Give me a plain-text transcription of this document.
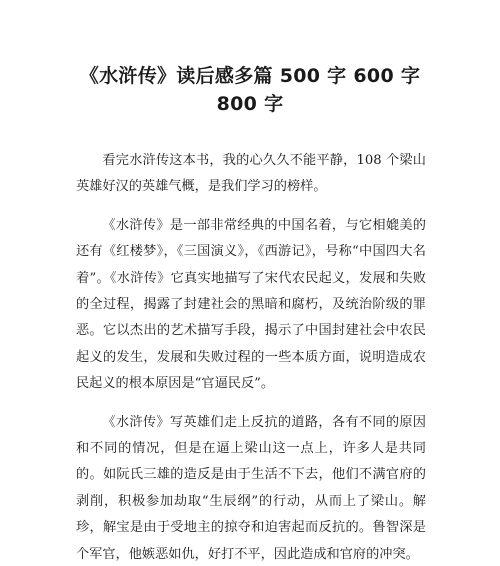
《水浒传》读后感多篇 500 字 600 字 800 字

看完水浒传这本书，我的心久久不能平静，108 个梁山英雄好汉的英雄气概，是我们学习的榜样。

《水浒传》是一部非常经典的中国名着，与它相媲美的还有《红楼梦》，《三国演义》，《西游记》，号称“中国四大名着”。《水浒传》它真实地描写了宋代农民起义，发展和失败的全过程，揭露了封建社会的黑暗和腐朽，及统治阶级的罪恶。它以杰出的艺术描写手段，揭示了中国封建社会中农民起义的发生，发展和失败过程的一些本质方面，说明造成农民起义的根本原因是“官逼民反”。

《水浒传》写英雄们走上反抗的道路，各有不同的原因和不同的情况，但是在逼上梁山这一点上，许多人是共同的。如阮氏三雄的造反是由于生活不下去，他们不满官府的剥削，积极参加劫取“生辰纲”的行动，从而上了梁山。解珍，解宝是由于受地主的掠夺和迫害起而反抗的。鲁智深是个军官，他嫉恶如仇，好打不平，因此造成和官府的冲突。
